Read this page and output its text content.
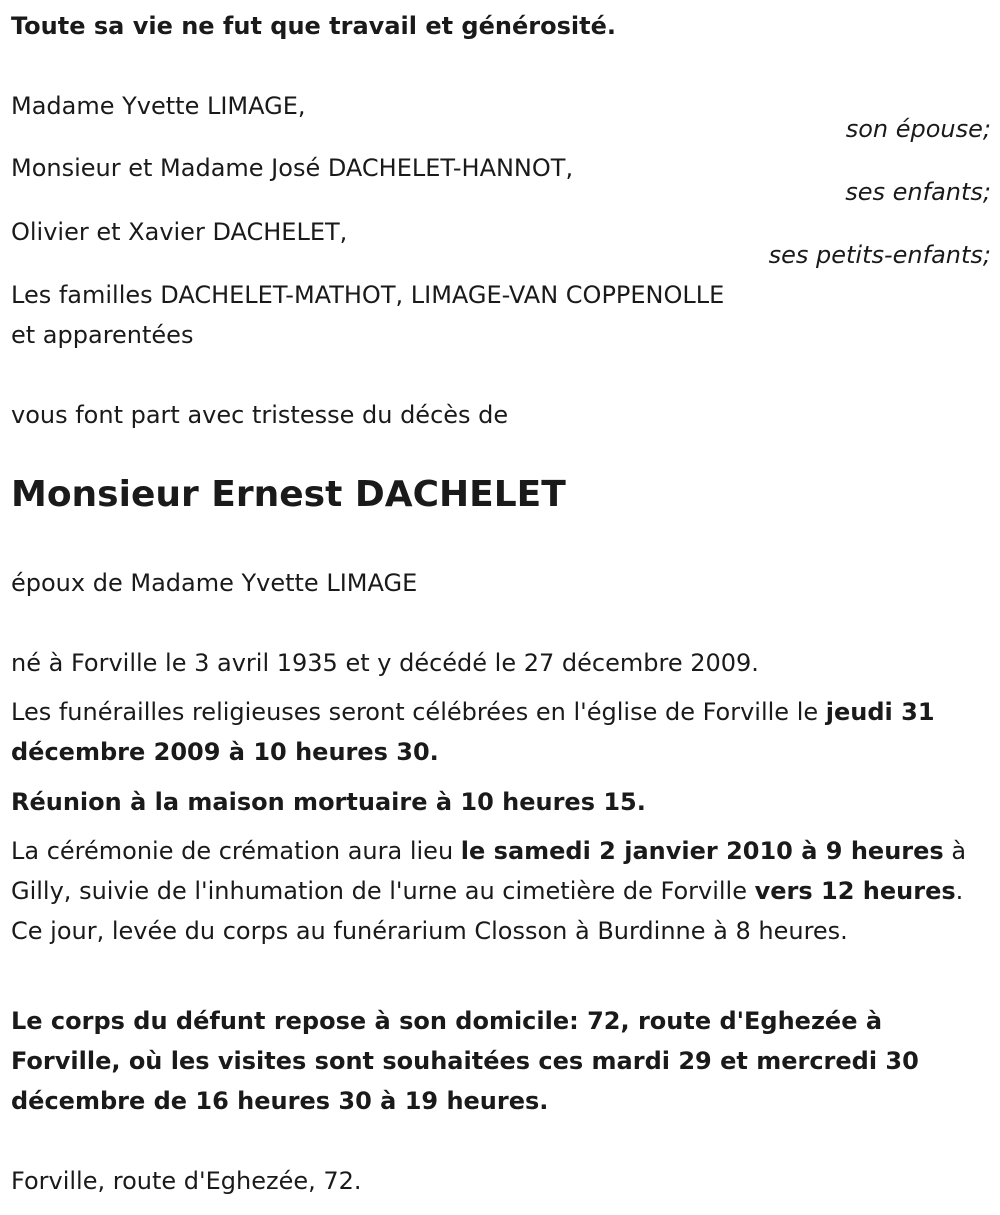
Toute sa vie ne fut que travail et générosité.
Madame Yvette LIMAGE,
son épouse;
Monsieur et Madame José DACHELET-HANNOT,
ses enfants;
Olivier et Xavier DACHELET,
ses petits-enfants;
Les familles DACHELET-MATHOT, LIMAGE-VAN COPPENOLLE
et apparentées
vous font part avec tristesse du décès de
Monsieur Ernest DACHELET
époux de Madame Yvette LIMAGE
né à Forville le 3 avril 1935 et y décédé le 27 décembre 2009.
Les funérailles religieuses seront célébrées en l'église de Forville le jeudi 31 décembre 2009 à 10 heures 30.
Réunion à la maison mortuaire à 10 heures 15.
La cérémonie de crémation aura lieu le samedi 2 janvier 2010 à 9 heures à Gilly, suivie de l'inhumation de l'urne au cimetière de Forville vers 12 heures. Ce jour, levée du corps au funérarium Closson à Burdinne à 8 heures.
Le corps du défunt repose à son domicile: 72, route d'Eghezée à Forville, où les visites sont souhaitées ces mardi 29 et mercredi 30 décembre de 16 heures 30 à 19 heures.
Forville, route d'Eghezée, 72.
